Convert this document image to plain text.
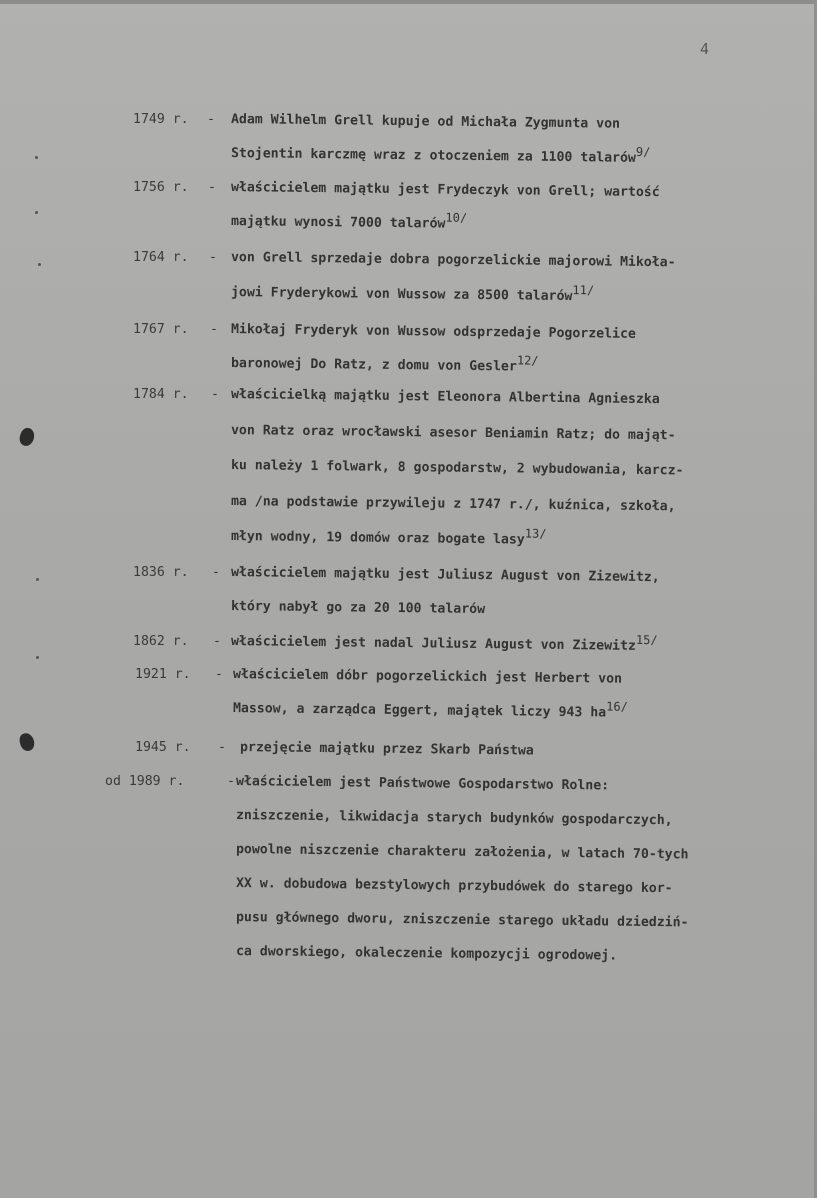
4
1749 r. - Adam Wilhelm Grell kupuje od Michała Zygmunta von
Stojentin karczmę wraz z otoczeniem za 1100 talarów$^{9/}$
1756 r. - właścicielem majątku jest Frydeczyk von Grell; wartość
majątku wynosi 7000 talarów$^{10/}$
1764 r. - von Grell sprzedaje dobra pogorzelickie majorowi Mikoła-
jowi Fryderykowi von Wussow za 8500 talarów$^{11/}$
1767 r. - Mikołaj Fryderyk von Wussow odsprzedaje Pogorzelice
baronowej Do Ratz, z domu von Gesler$^{12/}$
1784 r. - właścicielką majątku jest Eleonora Albertina Agnieszka
von Ratz oraz wrocławski asesor Beniamin Ratz; do mająt-
ku należy 1 folwark, 8 gospodarstw, 2 wybudowania, karcz-
ma /na podstawie przywileju z 1747 r./, kuźnica, szkoła,
młyn wodny, 19 domów oraz bogate lasy$^{13/}$
1836 r. - właścicielem majątku jest Juliusz August von Zizewitz,
który nabył go za 20 100 talarów
1862 r. - właścicielem jest nadal Juliusz August von Zizewitz$^{15/}$
1921 r. - właścicielem dóbr pogorzelickich jest Herbert von
Massow, a zarządca Eggert, majątek liczy 943 $ha^{16/}$
1945 r. - przejęcie majątku przez Skarb Państwa
od 1989 r.	- właścicielem jest Państwowe Gospodarstwo Rolne:
zniszczenie, likwidacja starych budynków gospodarczych,
powolne niszczenie charakteru założenia, w latach 70-tych
XX w. dobudowa bezstylowych przybudówek do starego kor-
pusu głównego dworu, zniszczenie starego układu dziedziń-
ca dworskiego, okaleczenie kompozycji ogrodowej.
